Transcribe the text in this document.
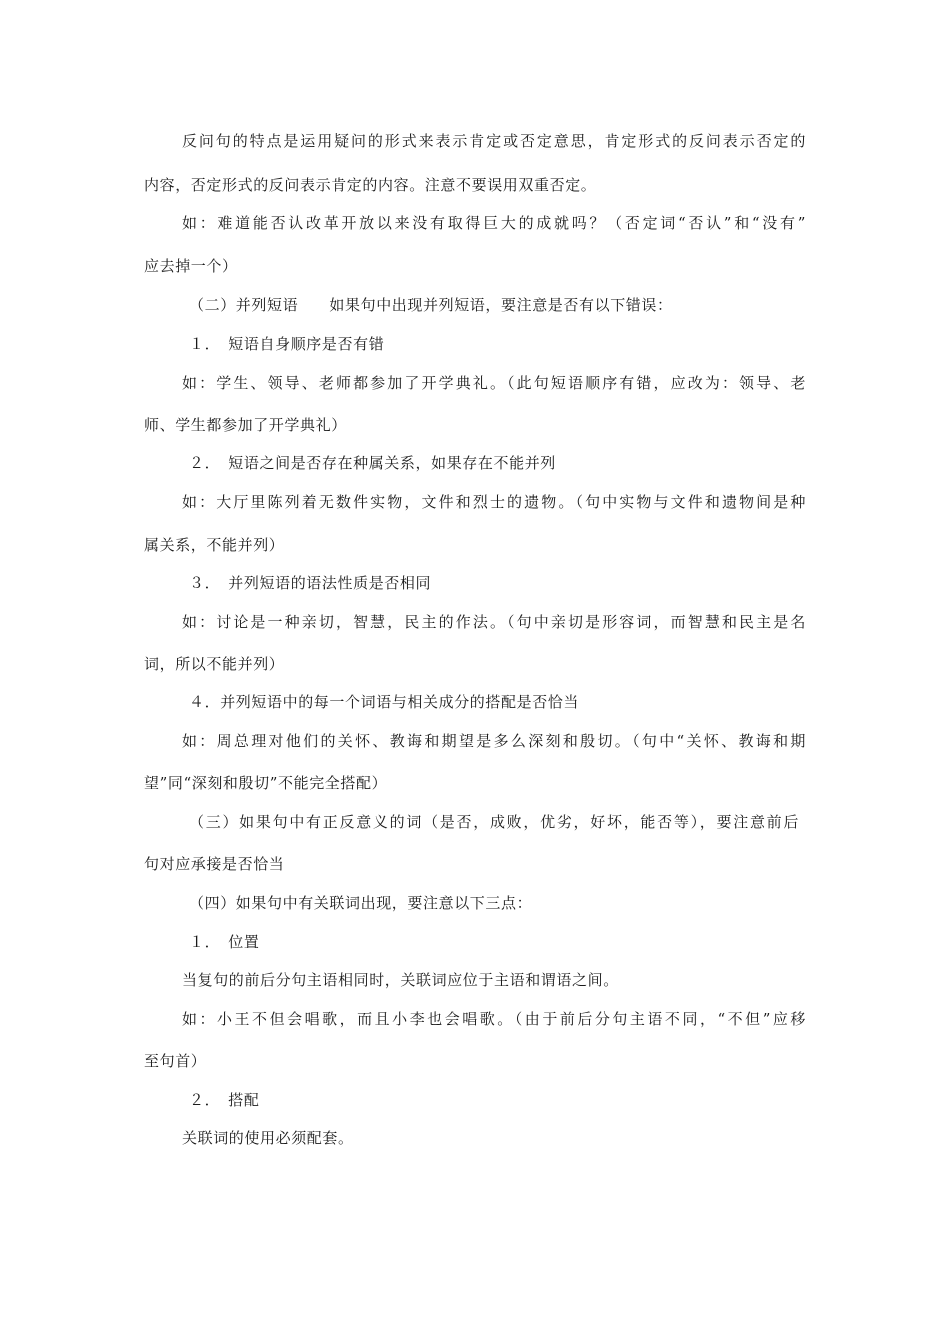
反问句的特点是运用疑问的形式来表示肯定或否定意思，肯定形式的反问表示否定的
内容，否定形式的反问表示肯定的内容。注意不要误用双重否定。
如：难道能否认改革开放以来没有取得巨大的成就吗？（否定词“否认”和“没有”
应去掉一个）
（二）并列短语　　如果句中出现并列短语，要注意是否有以下错误：
１．　短语自身顺序是否有错
如：学生、领导、老师都参加了开学典礼。（此句短语顺序有错，应改为：领导、老
师、学生都参加了开学典礼）
２．　短语之间是否存在种属关系，如果存在不能并列
如：大厅里陈列着无数件实物，文件和烈士的遗物。（句中实物与文件和遗物间是种
属关系，不能并列）
３．　并列短语的语法性质是否相同
如：讨论是一种亲切，智慧，民主的作法。（句中亲切是形容词，而智慧和民主是名
词，所以不能并列）
４．并列短语中的每一个词语与相关成分的搭配是否恰当
如：周总理对他们的关怀、教诲和期望是多么深刻和殷切。（句中“关怀、教诲和期
望”同“深刻和殷切”不能完全搭配）
（三）如果句中有正反意义的词（是否，成败，优劣，好坏，能否等），要注意前后
句对应承接是否恰当
（四）如果句中有关联词出现，要注意以下三点：
１．　位置
当复句的前后分句主语相同时，关联词应位于主语和谓语之间。
如：小王不但会唱歌，而且小李也会唱歌。（由于前后分句主语不同，“不但”应移
至句首）
２．　搭配
关联词的使用必须配套。
